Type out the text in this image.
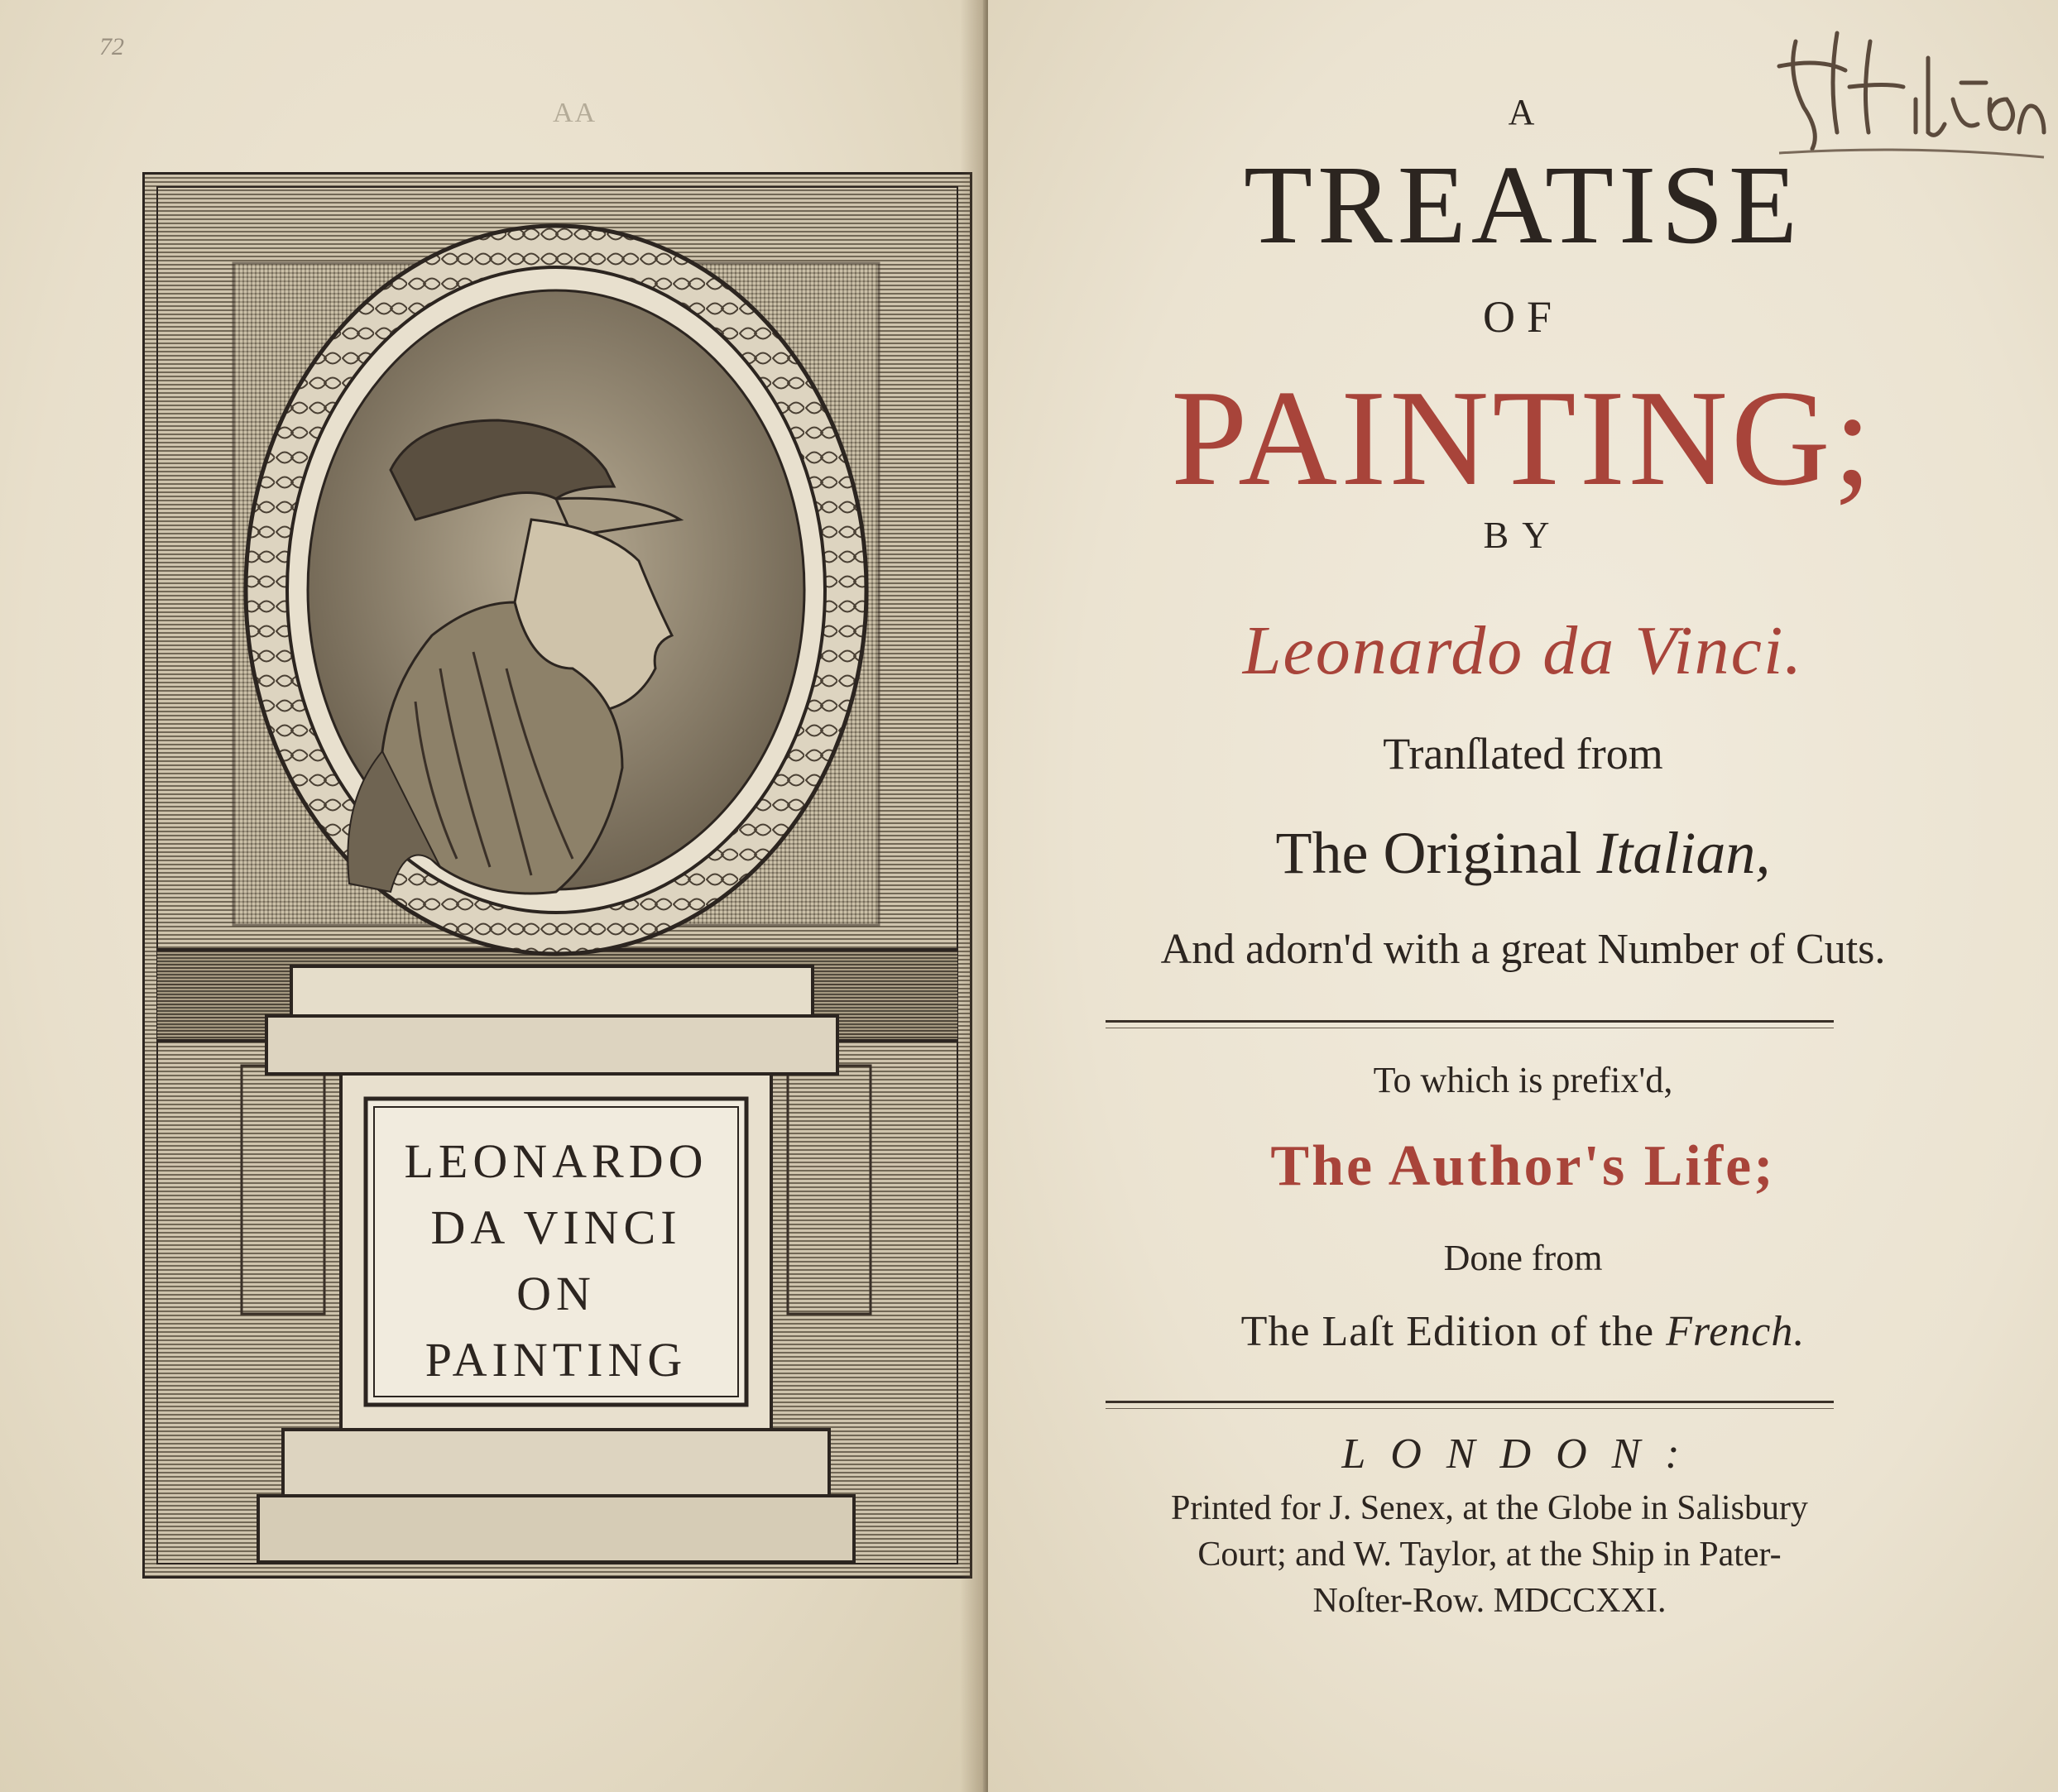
72
AA
LEONARDO
DA VINCI
ON
PAINTING
A
TREATISE
OF
PAINTING;
BY
Leonardo da Vinci.
Tranſlated from
The Original Italian,
And adorn'd with a great Number of Cuts.
To which is prefix'd,
The Author's Life;
Done from
The Laſt Edition of the French.
LONDON:
Printed for J. Senex, at the Globe in Salisbury
Court; and W. Taylor, at the Ship in Pater-
Noſter-Row. MDCCXXI.
